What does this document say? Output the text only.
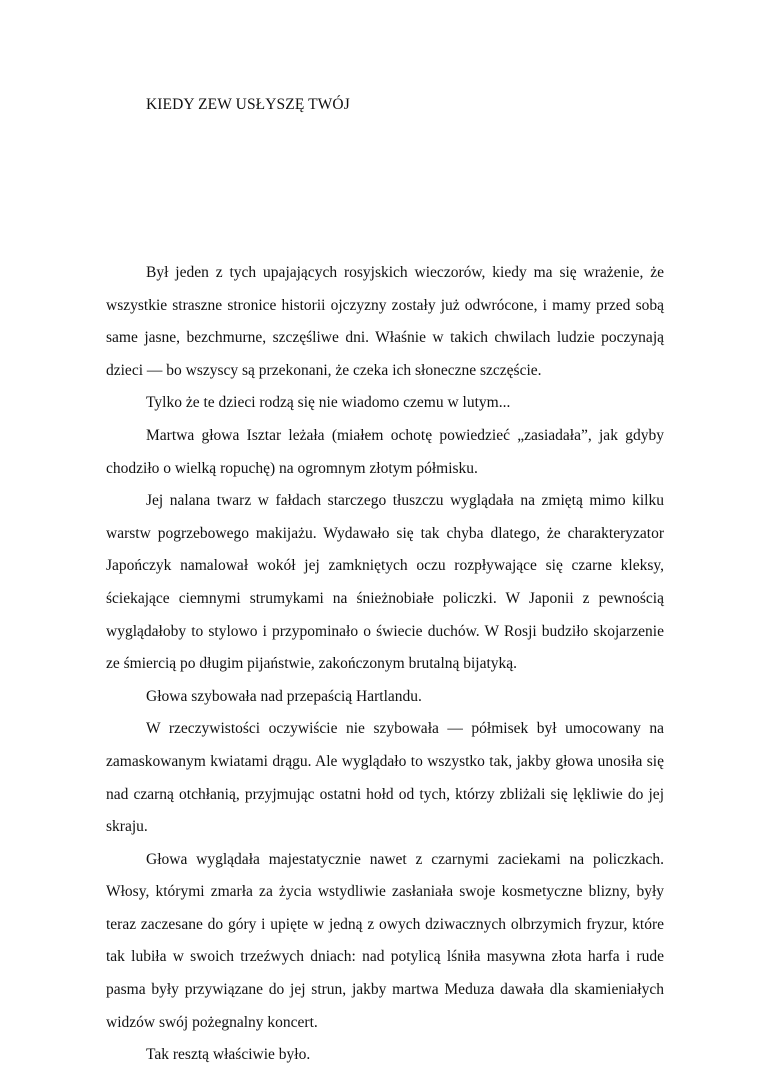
KIEDY ZEW USŁYSZĘ TWÓJ

Był jeden z tych upajających rosyjskich wieczorów, kiedy ma się wrażenie, że wszystkie straszne stronice historii ojczyzny zostały już odwrócone, i mamy przed sobą same jasne, bezchmurne, szczęśliwe dni. Właśnie w takich chwilach ludzie poczynają dzieci — bo wszyscy są przekonani, że czeka ich słoneczne szczęście.

Tylko że te dzieci rodzą się nie wiadomo czemu w lutym...

Martwa głowa Isztar leżała (miałem ochotę powiedzieć „zasiadała”, jak gdyby chodziło o wielką ropuchę) na ogromnym złotym półmisku.

Jej nalana twarz w fałdach starczego tłuszczu wyglądała na zmiętą mimo kilku warstw pogrzebowego makijażu. Wydawało się tak chyba dlatego, że charakteryzator Japończyk namalował wokół jej zamkniętych oczu rozpływające się czarne kleksy, ściekające ciemnymi strumykami na śnieżnobiałe policzki. W Japonii z pewnością wyglądałoby to stylowo i przypominało o świecie duchów. W Rosji budziło skojarzenie ze śmiercią po długim pijaństwie, zakończonym brutalną bijatyką.

Głowa szybowała nad przepaścią Hartlandu.

W rzeczywistości oczywiście nie szybowała — półmisek był umocowany na zamaskowanym kwiatami drągu. Ale wyglądało to wszystko tak, jakby głowa unosiła się nad czarną otchłanią, przyjmując ostatni hołd od tych, którzy zbliżali się lękliwie do jej skraju.

Głowa wyglądała majestatycznie nawet z czarnymi zaciekami na policzkach. Włosy, którymi zmarła za życia wstydliwie zasłaniała swoje kosmetyczne blizny, były teraz zaczesane do góry i upięte w jedną z owych dziwacznych olbrzymich fryzur, które tak lubiła w swoich trzeźwych dniach: nad potylicą lśniła masywna złota harfa i rude pasma były przywiązane do jej strun, jakby martwa Meduza dawała dla skamieniałych widzów swój pożegnalny koncert.

Tak resztą właściwie było.
